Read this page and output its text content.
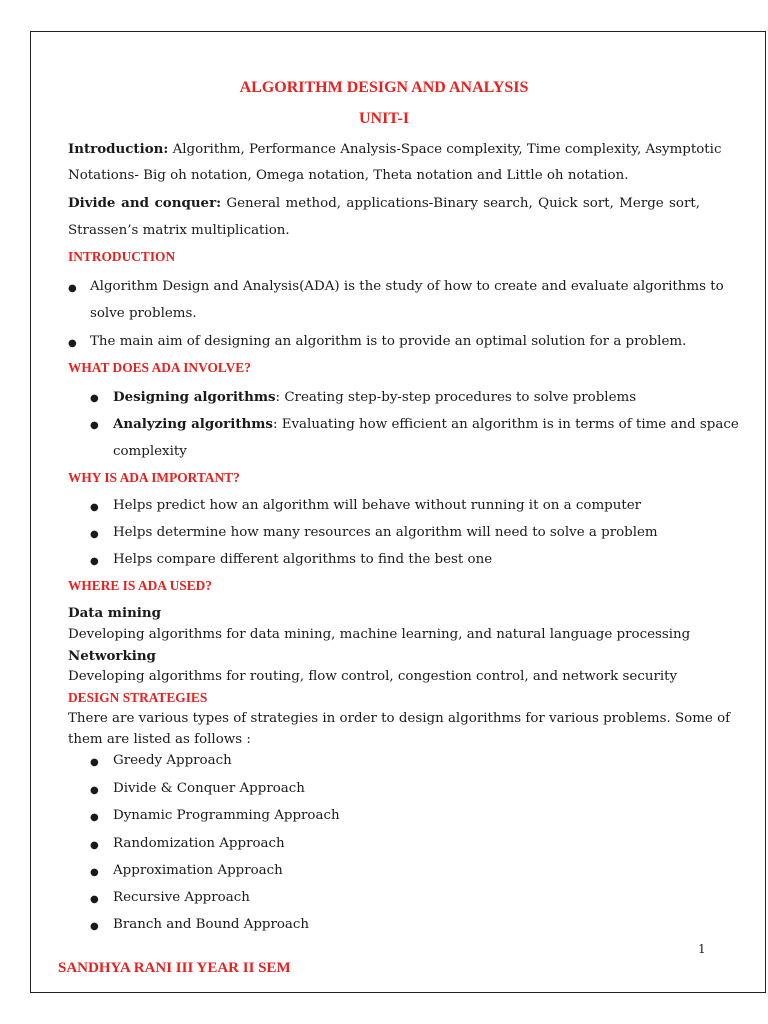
ALGORITHM DESIGN AND ANALYSIS
UNIT-I
Introduction: Algorithm, Performance Analysis-Space complexity, Time complexity, Asymptotic
Notations- Big oh notation, Omega notation, Theta notation and Little oh notation.
Divide and conquer: General method, applications-Binary search, Quick sort, Merge sort,
Strassen’s matrix multiplication.
INTRODUCTION
● Algorithm Design and Analysis(ADA) is the study of how to create and evaluate algorithms to
solve problems.
● The main aim of designing an algorithm is to provide an optimal solution for a problem.
WHAT DOES ADA INVOLVE?
● Designing algorithms: Creating step-by-step procedures to solve problems
● Analyzing algorithms: Evaluating how efficient an algorithm is in terms of time and space
complexity
WHY IS ADA IMPORTANT?
● Helps predict how an algorithm will behave without running it on a computer
● Helps determine how many resources an algorithm will need to solve a problem
● Helps compare different algorithms to find the best one
WHERE IS ADA USED?
Data mining
Developing algorithms for data mining, machine learning, and natural language processing
Networking
Developing algorithms for routing, flow control, congestion control, and network security
DESIGN STRATEGIES
There are various types of strategies in order to design algorithms for various problems. Some of
them are listed as follows :
● Greedy Approach
● Divide & Conquer Approach
● Dynamic Programming Approach
● Randomization Approach
● Approximation Approach
● Recursive Approach
● Branch and Bound Approach
1
SANDHYA RANI III YEAR II SEM
